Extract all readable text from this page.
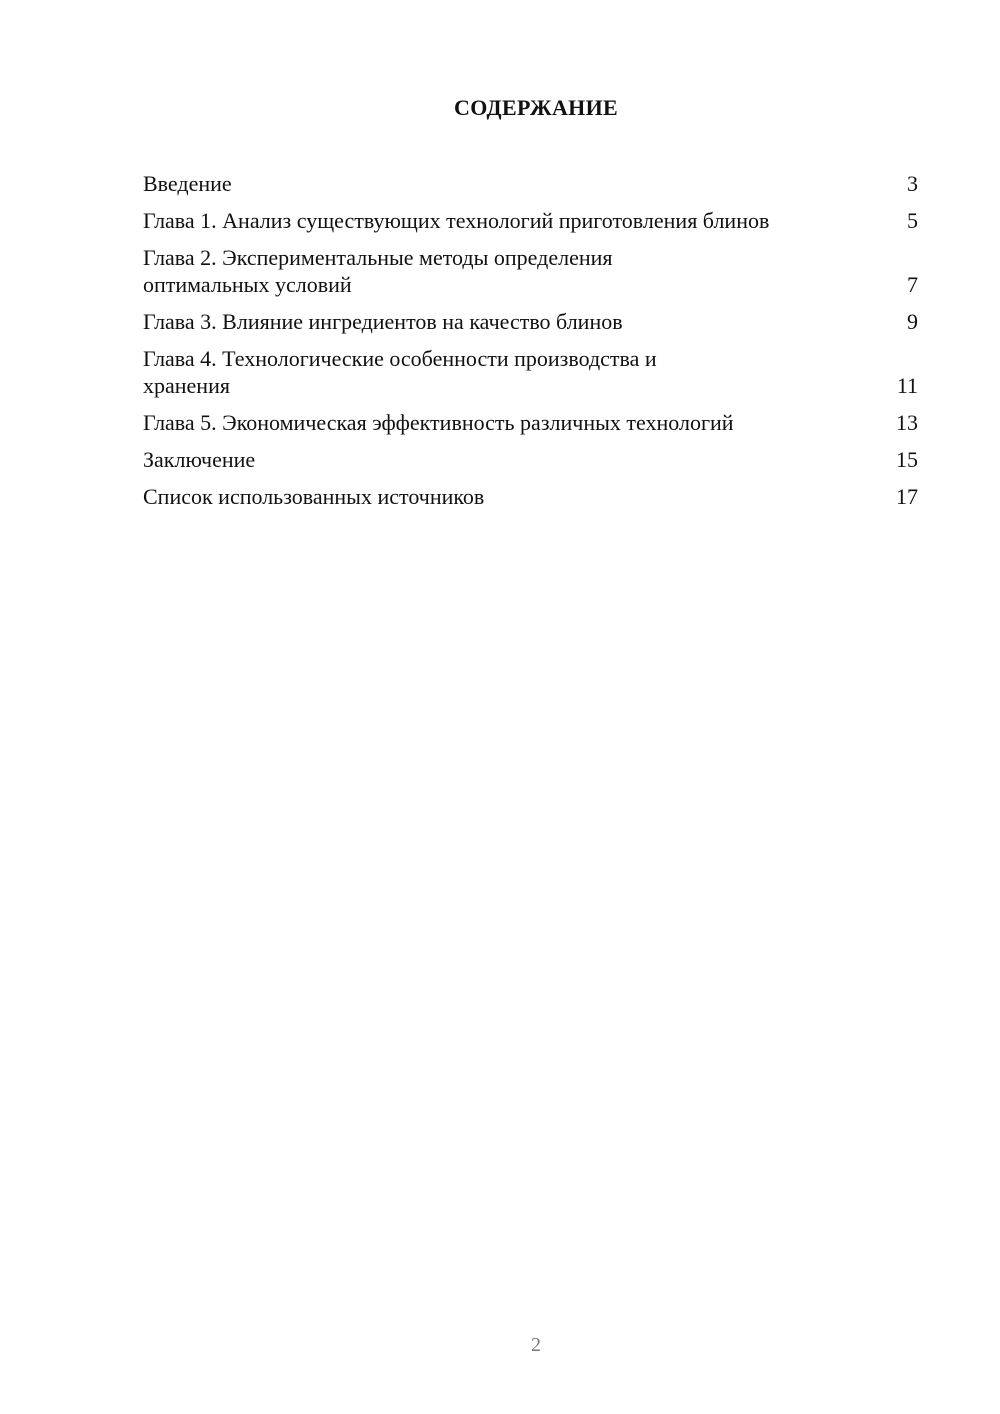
СОДЕРЖАНИЕ
Введение	3
Глава 1. Анализ существующих технологий приготовления блинов	5
Глава 2. Экспериментальные методы определения оптимальных условий	7
Глава 3. Влияние ингредиентов на качество блинов	9
Глава 4. Технологические особенности производства и хранения	11
Глава 5. Экономическая эффективность различных технологий	13
Заключение	15
Список использованных источников	17
2
